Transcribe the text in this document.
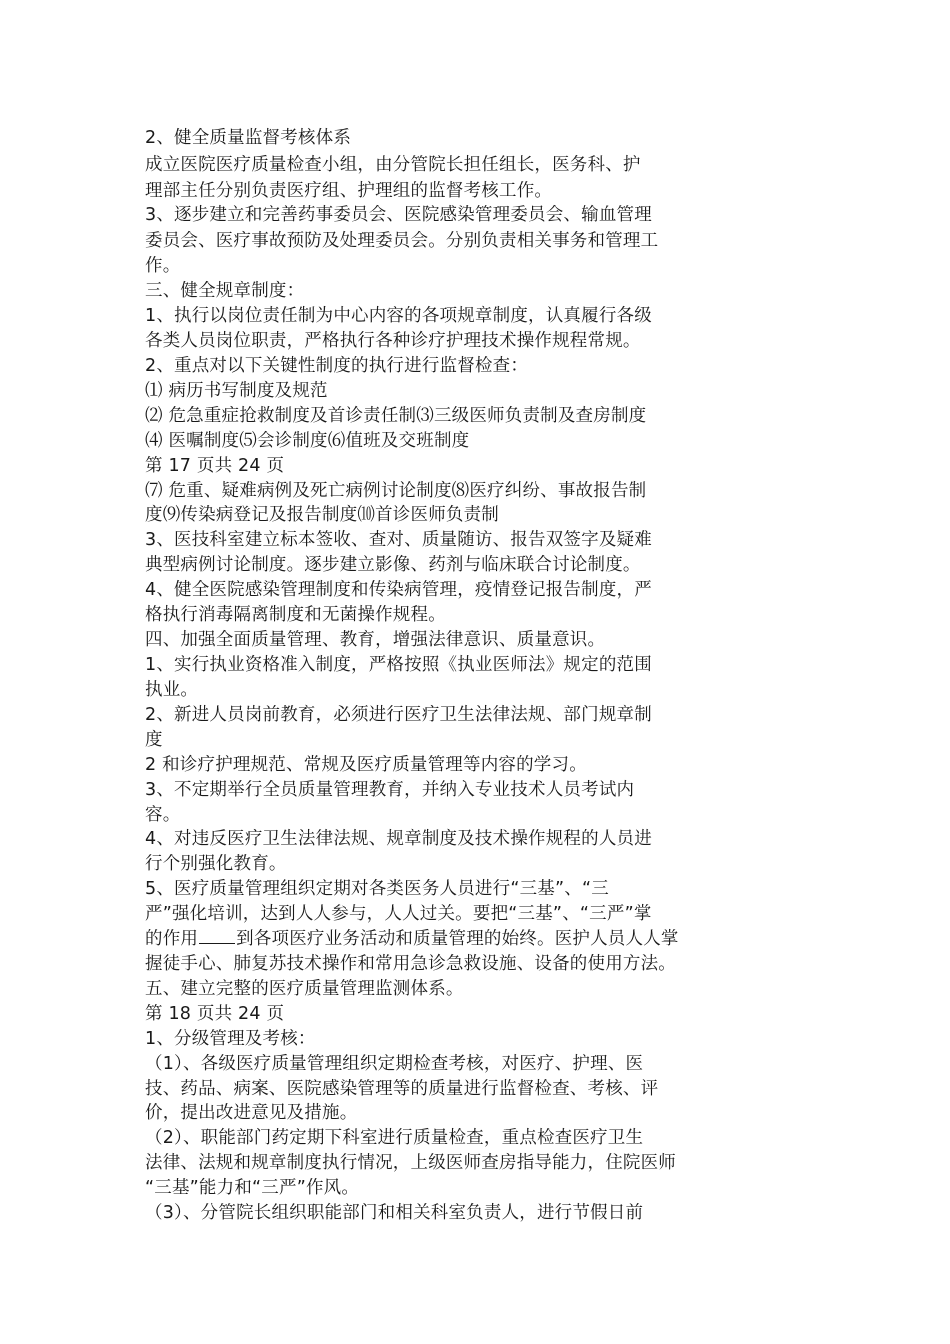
2、健全质量监督考核体系
成立医院医疗质量检查小组，由分管院长担任组长，医务科、护
理部主任分别负责医疗组、护理组的监督考核工作。
3、逐步建立和完善药事委员会、医院感染管理委员会、输血管理
委员会、医疗事故预防及处理委员会。分别负责相关事务和管理工
作。
三、健全规章制度：
1、执行以岗位责任制为中心内容的各项规章制度，认真履行各级
各类人员岗位职责，严格执行各种诊疗护理技术操作规程常规。
2、重点对以下关键性制度的执行进行监督检查：
⑴ 病历书写制度及规范
⑵ 危急重症抢救制度及首诊责任制⑶三级医师负责制及查房制度
⑷ 医嘱制度⑸会诊制度⑹值班及交班制度
第 17 页共 24 页
⑺ 危重、疑难病例及死亡病例讨论制度⑻医疗纠纷、事故报告制
度⑼传染病登记及报告制度⑽首诊医师负责制
3、医技科室建立标本签收、查对、质量随访、报告双签字及疑难
典型病例讨论制度。逐步建立影像、药剂与临床联合讨论制度。
4、健全医院感染管理制度和传染病管理，疫情登记报告制度，严
格执行消毒隔离制度和无菌操作规程。
四、加强全面质量管理、教育，增强法律意识、质量意识。
1、实行执业资格准入制度，严格按照《执业医师法》规定的范围
执业。
2、新进人员岗前教育，必须进行医疗卫生法律法规、部门规章制
度
2 和诊疗护理规范、常规及医疗质量管理等内容的学习。
3、不定期举行全员质量管理教育，并纳入专业技术人员考试内
容。
4、对违反医疗卫生法律法规、规章制度及技术操作规程的人员进
行个别强化教育。
5、医疗质量管理组织定期对各类医务人员进行“三基”、“三
严”强化培训，达到人人参与，人人过关。要把“三基”、“三严”掌
的作用 到各项医疗业务活动和质量管理的始终。医护人员人人掌
握徒手心、肺复苏技术操作和常用急诊急救设施、设备的使用方法。
五、建立完整的医疗质量管理监测体系。
第 18 页共 24 页
1、分级管理及考核：
（1）、各级医疗质量管理组织定期检查考核，对医疗、护理、医
技、药品、病案、医院感染管理等的质量进行监督检查、考核、评
价，提出改进意见及措施。
（2）、职能部门药定期下科室进行质量检查，重点检查医疗卫生
法律、法规和规章制度执行情况，上级医师查房指导能力，住院医师
“三基”能力和“三严”作风。
（3）、分管院长组织职能部门和相关科室负责人，进行节假日前
